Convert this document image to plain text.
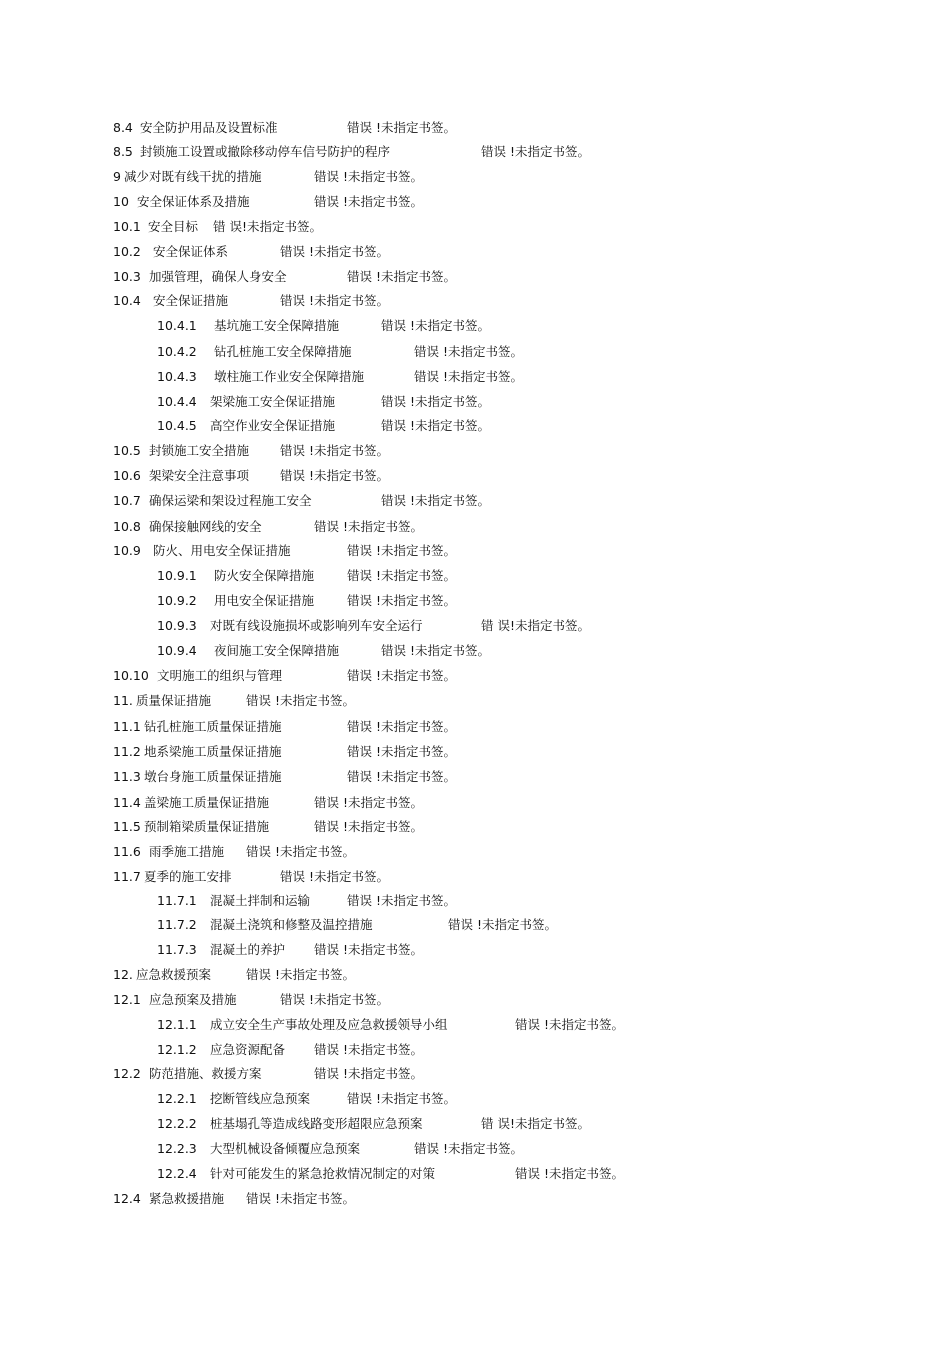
8.4 安全防护用品及设置标准	错误 !未指定书签。
8.5 封锁施工设置或撤除移动停车信号防护的程序	错误 !未指定书签。
9 减少对既有线干扰的措施	错误 !未指定书签。
10 安全保证体系及措施	错误 !未指定书签。
10.1 安全目标 错 误!未指定书签。
10.2 安全保证体系	错误 !未指定书签。
10.3 加强管理，确保人身安全	错误 !未指定书签。
10.4 安全保证措施	错误 !未指定书签。
10.4.1 基坑施工安全保障措施	错误 !未指定书签。
10.4.2 钻孔桩施工安全保障措施	错误 !未指定书签。
10.4.3 墩柱施工作业安全保障措施	错误 !未指定书签。
10.4.4 架梁施工安全保证措施	错误 !未指定书签。
10.4.5 高空作业安全保证措施	错误 !未指定书签。
10.5 封锁施工安全措施 错误 !未指定书签。
10.6 架梁安全注意事项 错误 !未指定书签。
10.7 确保运梁和架设过程施工安全	错误 !未指定书签。
10.8 确保接触网线的安全	错误 !未指定书签。
10.9 防火、用电安全保证措施	错误 !未指定书签。
10.9.1 防火安全保障措施	错误 !未指定书签。
10.9.2 用电安全保证措施	错误 !未指定书签。
10.9.3 对既有线设施损坏或影响列车安全运行	错 误!未指定书签。
10.9.4 夜间施工安全保障措施	错误 !未指定书签。
10.10 文明施工的组织与管理	错误 !未指定书签。
11. 质量保证措施	错误 !未指定书签。
11.1 钻孔桩施工质量保证措施	错误 !未指定书签。
11.2 地系梁施工质量保证措施	错误 !未指定书签。
11.3 墩台身施工质量保证措施	错误 !未指定书签。
11.4 盖梁施工质量保证措施	错误 !未指定书签。
11.5 预制箱梁质量保证措施	错误 !未指定书签。
11.6 雨季施工措施 错误 !未指定书签。
11.7 夏季的施工安排	错误 !未指定书签。
11.7.1 混凝土拌制和运输	错误 !未指定书签。
11.7.2 混凝土浇筑和修整及温控措施	错误 !未指定书签。
11.7.3 混凝土的养护 错误 !未指定书签。
12. 应急救援预案	错误 !未指定书签。
12.1 应急预案及措施	错误 !未指定书签。
12.1.1 成立安全生产事故处理及应急救援领导小组	错误 !未指定书签。
12.1.2 应急资源配备 错误 !未指定书签。
12.2 防范措施、救援方案	错误 !未指定书签。
12.2.1 挖断管线应急预案	错误 !未指定书签。
12.2.2 桩基塌孔等造成线路变形超限应急预案	错 误!未指定书签。
12.2.3 大型机械设备倾覆应急预案	错误 !未指定书签。
12.2.4 针对可能发生的紧急抢救情况制定的对策	错误 !未指定书签。
12.4 紧急救援措施 错误 !未指定书签。
